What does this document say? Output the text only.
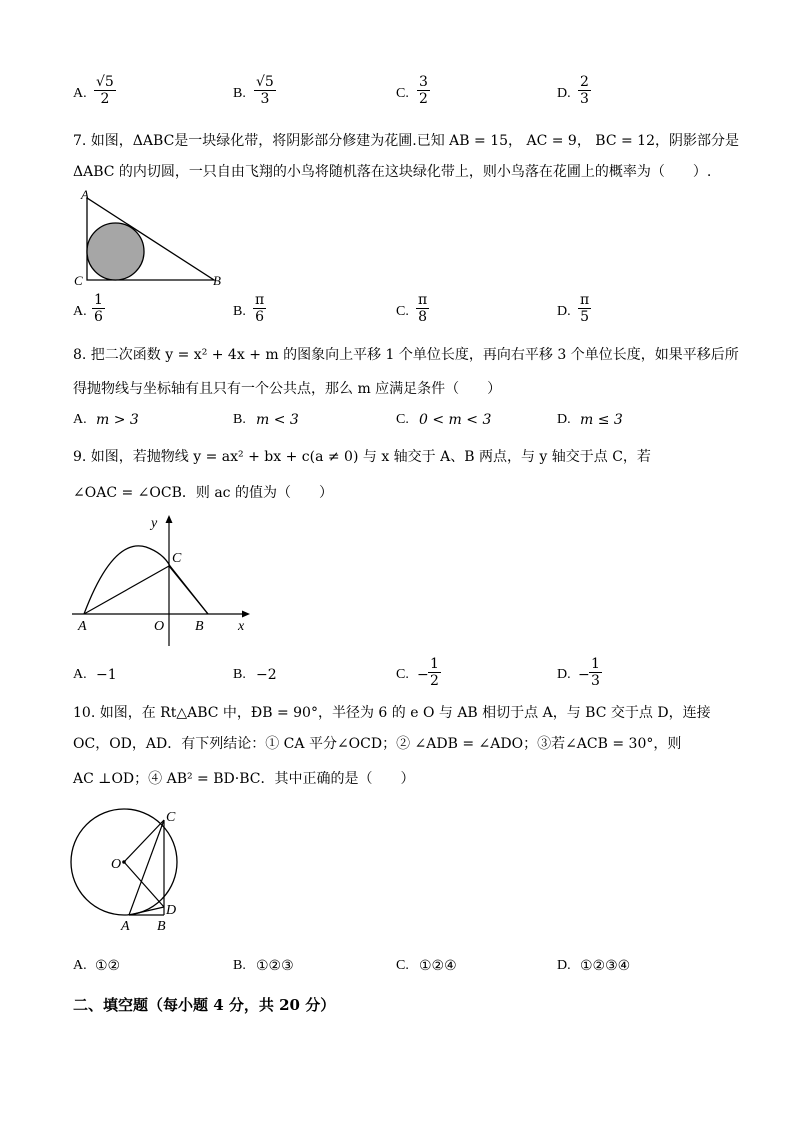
A. $\frac{√5}{2}$	B. $\frac{√5}{3}$	C. $\frac{3}{2}$	D. $\frac{2}{3}$
7. 如图，ΔABC是一块绿化带，将阴影部分修建为花圃.已知 AB = 15， AC = 9， BC = 12，阴影部分是
ΔABC 的内切圆，一只自由飞翔的小鸟将随机落在这块绿化带上，则小鸟落在花圃上的概率为（　　）.
A
C	B
A. $\frac{1}{6}$	B. $\frac{\pi}{6}$	C. $\frac{\pi}{8}$	D. $\frac{\pi}{5}$
8. 把二次函数 y = x² + 4x + m 的图象向上平移 1 个单位长度，再向右平移 3 个单位长度，如果平移后所
得抛物线与坐标轴有且只有一个公共点，那么 m 应满足条件（　　）
A. m > 3	B. m < 3	C. 0 < m < 3	D. m ≤ 3
9. 如图，若抛物线 y = ax² + bx + c(a ≠ 0) 与 x 轴交于 A、B 两点，与 y 轴交于点 C，若
∠OAC = ∠OCB．则 ac 的值为（　　）
y
x
C
A	O B
A. −1	B. −2	C. − $\frac{1}{2}$	D. − $\frac{1}{3}$
10. 如图，在 Rt△ABC 中，ÐB = 90°，半径为 6 的 e O 与 AB 相切于点 A，与 BC 交于点 D，连接
OC，OD，AD．有下列结论：① CA 平分∠OCD；② ∠ADB = ∠ADO；③若∠ACB = 30°，则
AC ⊥OD；④ AB² = BD·BC．其中正确的是（　　）
C
O
D
A B
A. ①②	B. ①②③	C. ①②④	D. ①②③④
二、填空题（每小题 4 分，共 20 分）
